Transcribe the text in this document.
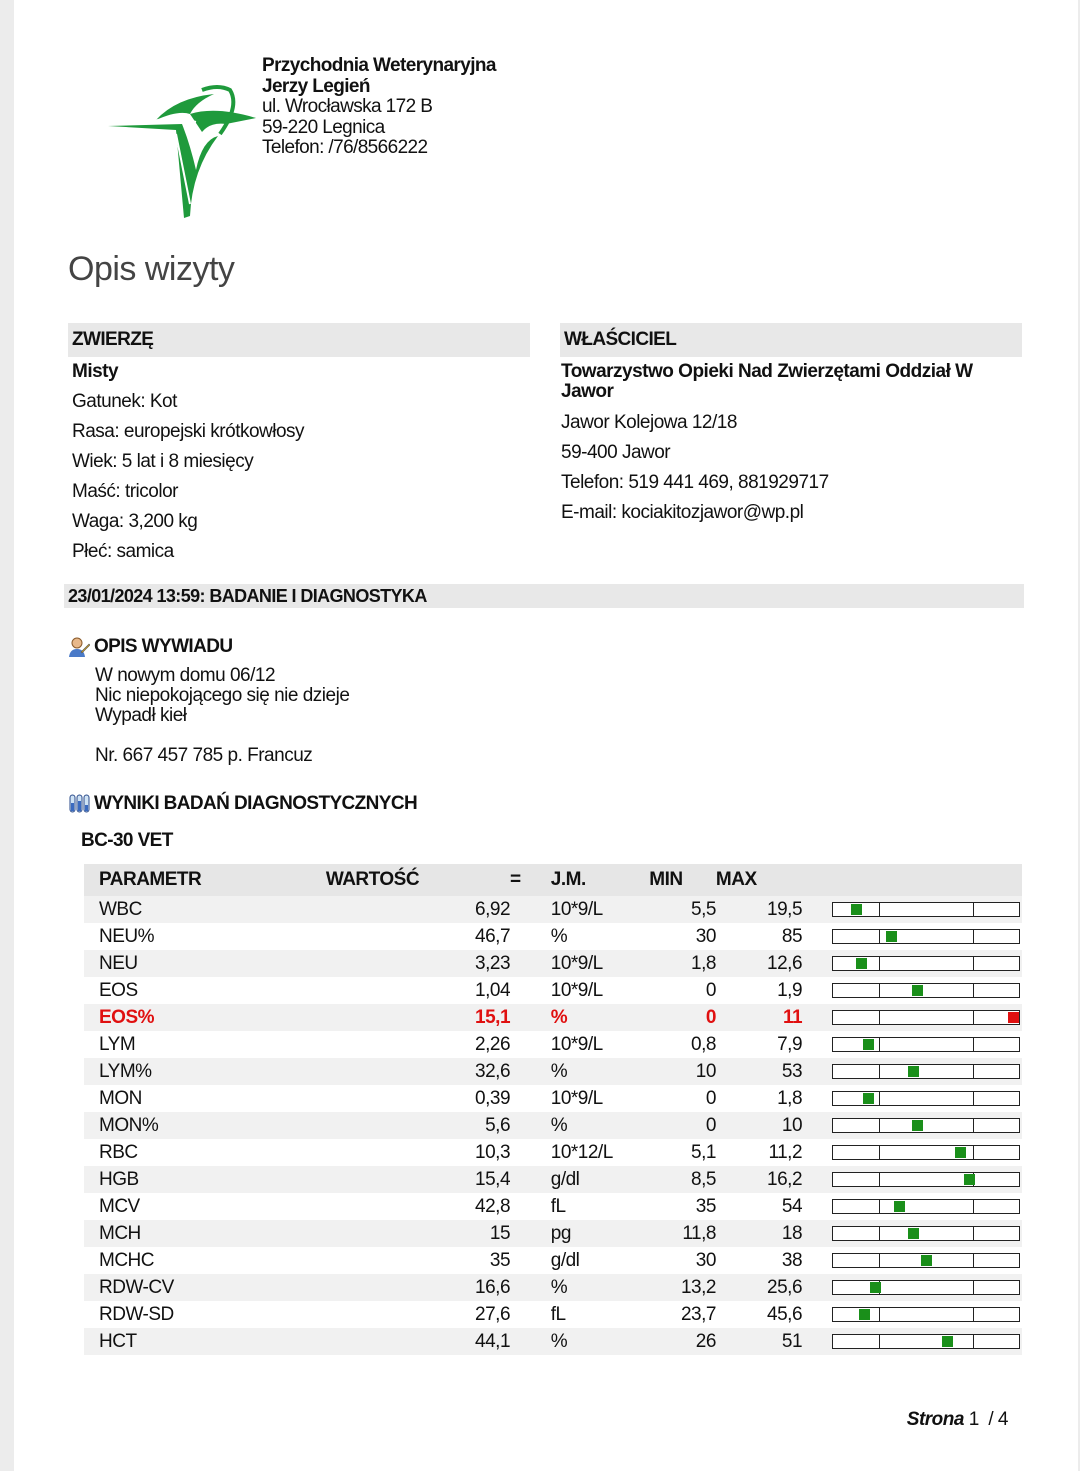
Przychodnia Weterynaryjna
Jerzy Legień
ul. Wrocławska 172 B
59-220 Legnica
Telefon: /76/8566222
Opis wizyty
ZWIERZĘ	WŁAŚCICIEL
Misty
Gatunek: Kot
Rasa: europejski krótkowłosy
Wiek: 5 lat i 8 miesięcy
Maść: tricolor
Waga: 3,200 kg
Płeć: samica
Towarzystwo Opieki Nad Zwierzętami Oddział W Jawor
Jawor Kolejowa 12/18
59-400 Jawor
Telefon: 519 441 469, 881929717
E-mail: kociakitozjawor@wp.pl
23/01/2024 13:59: BADANIE I DIAGNOSTYKA
OPIS WYWIADU
W nowym domu 06/12
Nic niepokojącego się nie dzieje
Wypadł kieł
Nr. 667 457 785 p. Francuz
WYNIKI BADAŃ DIAGNOSTYCZNYCH
BC-30 VET
PARAMETR	WARTOŚĆ	=	J.M.	MIN	MAX	
WBC	6,92		10*9/L	5,5	19,5	

NEU%	46,7		%	30	85	

NEU	3,23		10*9/L	1,8	12,6	

EOS	1,04		10*9/L	0	1,9	

EOS%	15,1		%	0	11	

LYM	2,26		10*9/L	0,8	7,9	

LYM%	32,6		%	10	53	

MON	0,39		10*9/L	0	1,8	

MON%	5,6		%	0	10	

RBC	10,3		10*12/L	5,1	11,2	

HGB	15,4		g/dl	8,5	16,2	

MCV	42,8		fL	35	54	

MCH	15		pg	11,8	18	

MCHC	35		g/dl	30	38	

RDW-CV	16,6		%	13,2	25,6	

RDW-SD	27,6		fL	23,7	45,6	

HCT	44,1		%	26	51	
Strona 1 / 4
